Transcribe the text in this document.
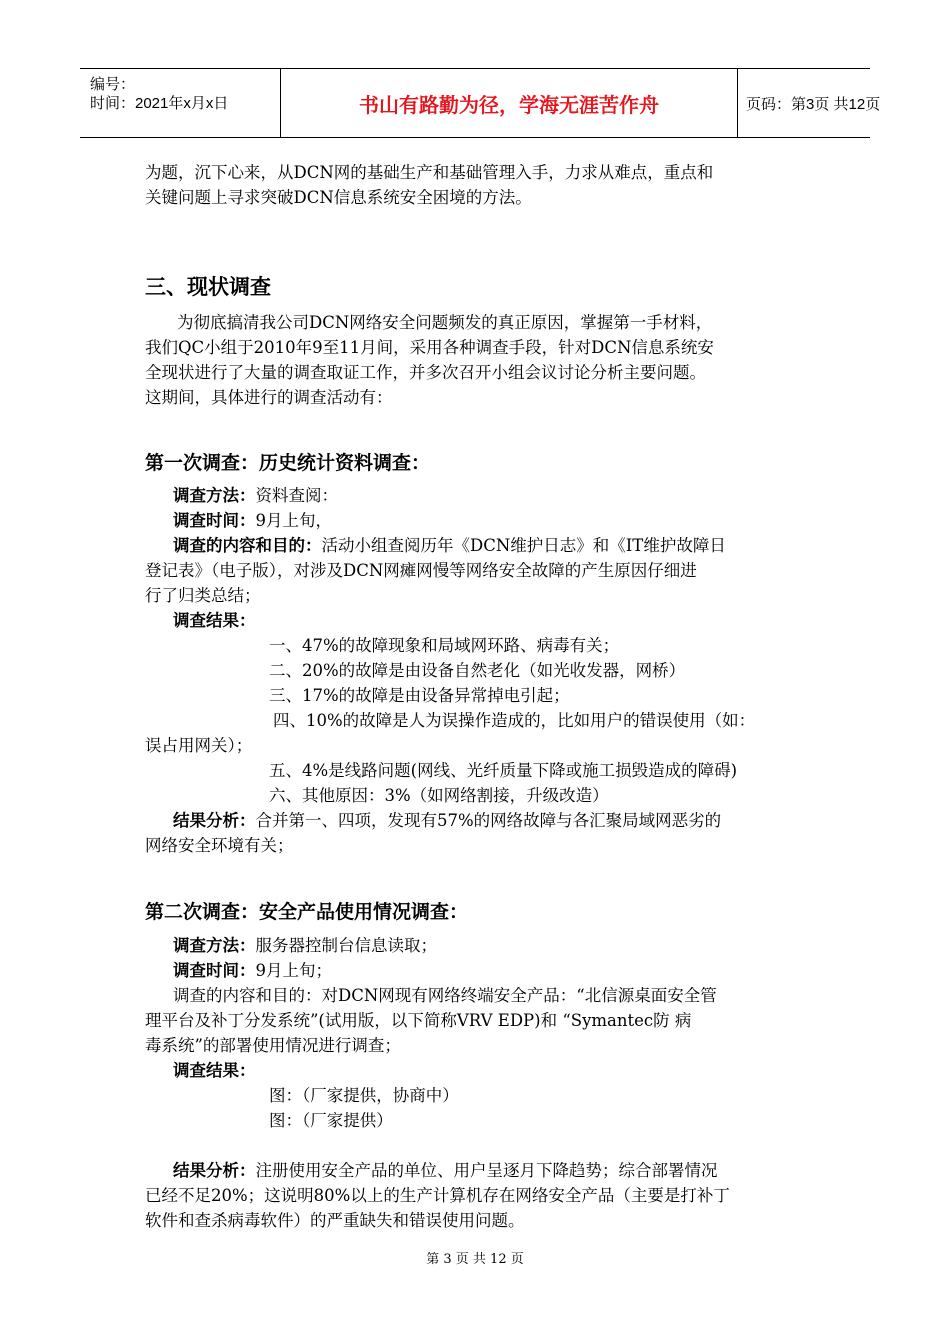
编号：
时间：2021年x月x日	书山有路勤为径，学海无涯苦作舟	页码：第3页 共12页
为题，沉下心来，从DCN网的基础生产和基础管理入手，力求从难点，重点和
关键问题上寻求突破DCN信息系统安全困境的方法。
三、现状调查
为彻底搞清我公司DCN网络安全问题频发的真正原因，掌握第一手材料，
我们QC小组于2010年9至11月间，采用各种调查手段，针对DCN信息系统安
全现状进行了大量的调查取证工作，并多次召开小组会议讨论分析主要问题。
这期间，具体进行的调查活动有：
第一次调查：历史统计资料调查：
调查方法：资料查阅：
调查时间：9月上旬，
调查的内容和目的：活动小组查阅历年《DCN维护日志》和《IT维护故障日
登记表》（电子版），对涉及DCN网瘫网慢等网络安全故障的产生原因仔细进
行了归类总结；
调查结果：
一、47%的故障现象和局域网环路、病毒有关；
二、20%的故障是由设备自然老化（如光收发器，网桥）
三、17%的故障是由设备异常掉电引起；
四、10%的故障是人为误操作造成的，比如用户的错误使用（如：
误占用网关）；
五、4%是线路问题(网线、光纤质量下降或施工损毁造成的障碍)
六、其他原因：3%（如网络割接，升级改造）
结果分析：合并第一、四项，发现有57%的网络故障与各汇聚局域网恶劣的
网络安全环境有关；
第二次调查：安全产品使用情况调查：
调查方法：服务器控制台信息读取；
调查时间：9月上旬；
调查的内容和目的：对DCN网现有网络终端安全产品：“北信源桌面安全管
理平台及补丁分发系统”(试用版，以下简称VRV EDP)和 “Symantec防 病
毒系统”的部署使用情况进行调查；
调查结果：
图：（厂家提供，协商中）
图：（厂家提供）
结果分析：注册使用安全产品的单位、用户呈逐月下降趋势；综合部署情况
已经不足20%；这说明80%以上的生产计算机存在网络安全产品（主要是打补丁
软件和查杀病毒软件）的严重缺失和错误使用问题。
第 3 页 共 12 页
